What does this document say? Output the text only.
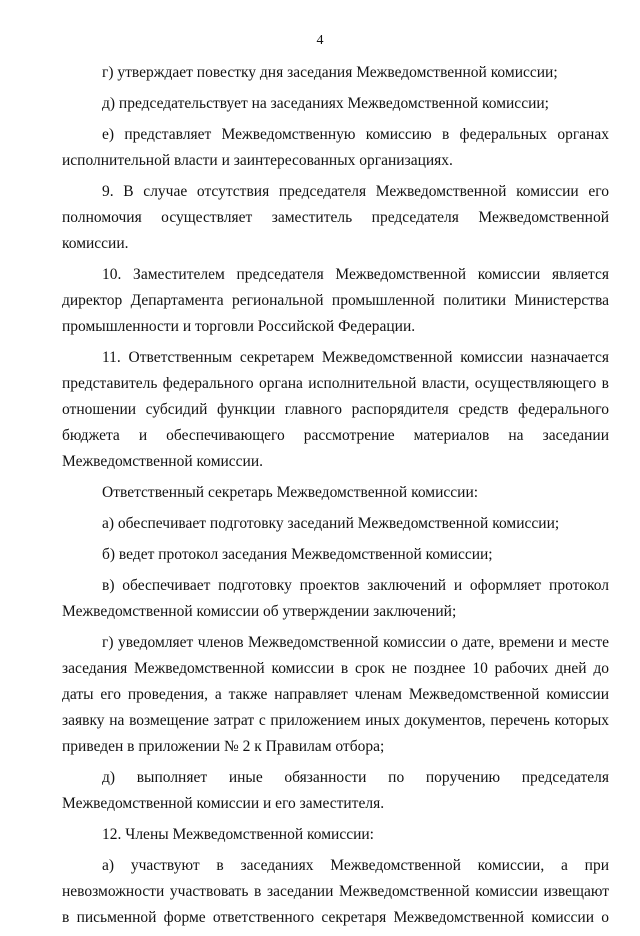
4

г) утверждает повестку дня заседания Межведомственной комиссии;

д) председательствует на заседаниях Межведомственной комиссии;

е) представляет Межведомственную комиссию в федеральных органах исполнительной власти и заинтересованных организациях.

9. В случае отсутствия председателя Межведомственной комиссии его полномочия осуществляет заместитель председателя Межведомственной комиссии.

10. Заместителем председателя Межведомственной комиссии является директор Департамента региональной промышленной политики Министерства промышленности и торговли Российской Федерации.

11. Ответственным секретарем Межведомственной комиссии назначается представитель федерального органа исполнительной власти, осуществляющего в отношении субсидий функции главного распорядителя средств федерального бюджета и обеспечивающего рассмотрение материалов на заседании Межведомственной комиссии.

Ответственный секретарь Межведомственной комиссии:

а) обеспечивает подготовку заседаний Межведомственной комиссии;

б) ведет протокол заседания Межведомственной комиссии;

в) обеспечивает подготовку проектов заключений и оформляет протокол Межведомственной комиссии об утверждении заключений;

г) уведомляет членов Межведомственной комиссии о дате, времени и месте заседания Межведомственной комиссии в срок не позднее 10 рабочих дней до даты его проведения, а также направляет членам Межведомственной комиссии заявку на возмещение затрат с приложением иных документов, перечень которых приведен в приложении № 2 к Правилам отбора;

д) выполняет иные обязанности по поручению председателя Межведомственной комиссии и его заместителя.

12. Члены Межведомственной комиссии:

а) участвуют в заседаниях Межведомственной комиссии, а при невозможности участвовать в заседании Межведомственной комиссии извещают в письменной форме ответственного секретаря Межведомственной комиссии о
